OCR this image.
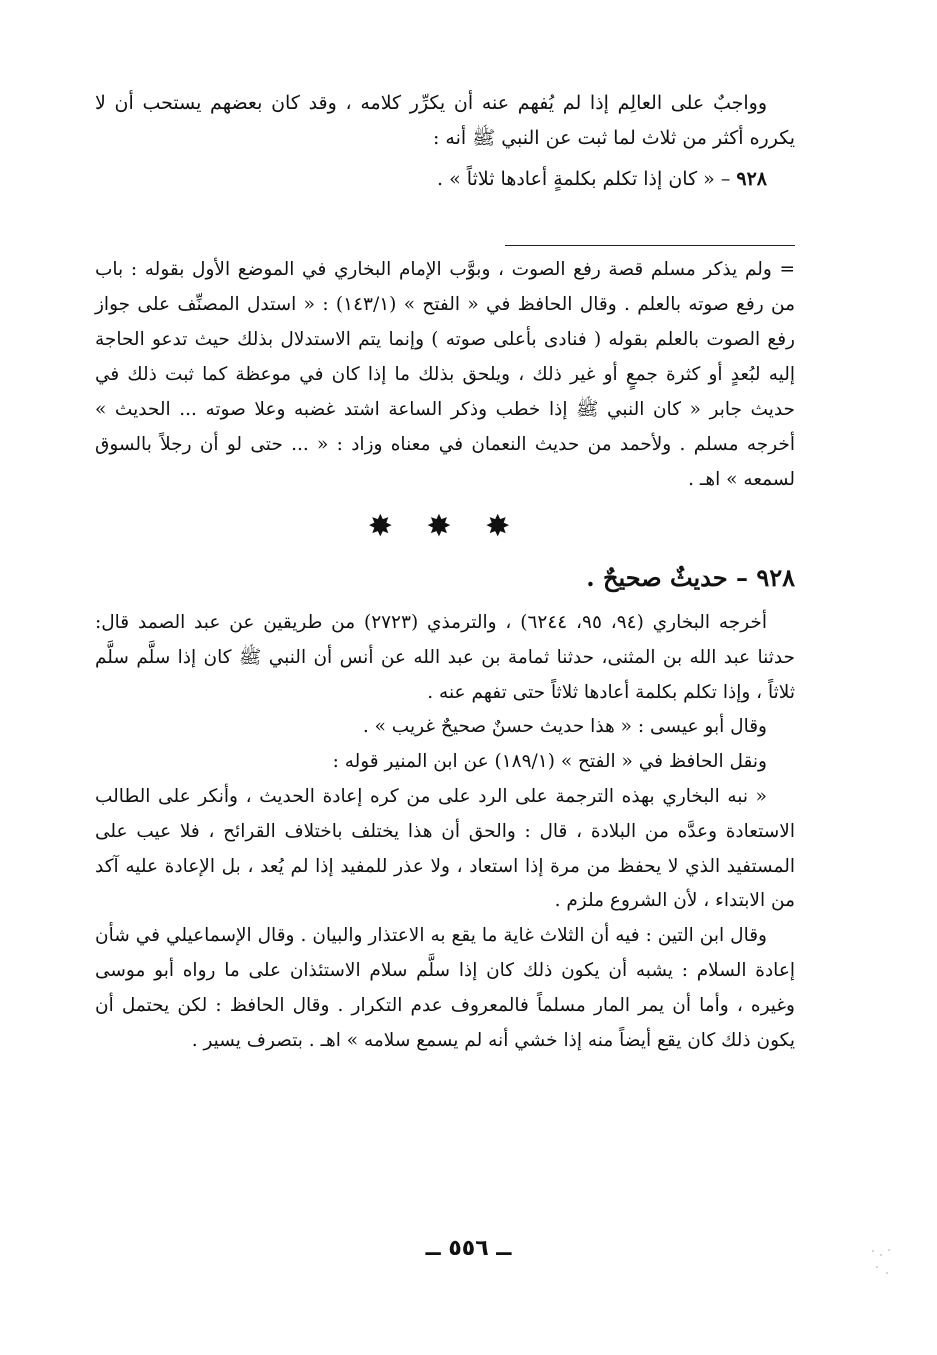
وواجبٌ على العالِم إذا لم يُفهم عنه أن يكرِّر كلامه ، وقد كان بعضهم يستحب أن لا يكرره أكثر من ثلاث لما ثبت عن النبي ﷺ أنه :

٩٢٨ – « كان إذا تكلم بكلمةٍ أعادها ثلاثاً » .

= ولم يذكر مسلم قصة رفع الصوت ، وبوَّب الإمام البخاري في الموضع الأول بقوله : باب من رفع صوته بالعلم . وقال الحافظ في « الفتح » (١٤٣/١) : « استدل المصنِّف على جواز رفع الصوت بالعلم بقوله ( فنادى بأعلى صوته ) وإنما يتم الاستدلال بذلك حيث تدعو الحاجة إليه لبُعدٍ أو كثرة جمعٍ أو غير ذلك ، ويلحق بذلك ما إذا كان في موعظة كما ثبت ذلك في حديث جابر « كان النبي ﷺ إذا خطب وذكر الساعة اشتد غضبه وعلا صوته ... الحديث » أخرجه مسلم . ولأحمد من حديث النعمان في معناه وزاد : « ... حتى لو أن رجلاً بالسوق لسمعه » اهـ .

✸ ✸ ✸
٩٢٨ – حديثٌ صحيحٌ .

أخرجه البخاري (٩٤، ٩٥، ٦٢٤٤) ، والترمذي (٢٧٢٣) من طريقين عن عبد الصمد قال: حدثنا عبد الله بن المثنى، حدثنا ثمامة بن عبد الله عن أنس أن النبي ﷺ كان إذا سلَّم سلَّم ثلاثاً ، وإذا تكلم بكلمة أعادها ثلاثاً حتى تفهم عنه .

وقال أبو عيسى : « هذا حديث حسنٌ صحيحٌ غريب » .

ونقل الحافظ في « الفتح » (١٨٩/١) عن ابن المنير قوله :

« نبه البخاري بهذه الترجمة على الرد على من كره إعادة الحديث ، وأنكر على الطالب الاستعادة وعدَّه من البلادة ، قال : والحق أن هذا يختلف باختلاف القرائح ، فلا عيب على المستفيد الذي لا يحفظ من مرة إذا استعاد ، ولا عذر للمفيد إذا لم يُعد ، بل الإعادة عليه آكد من الابتداء ، لأن الشروع ملزم .

وقال ابن التين : فيه أن الثلاث غاية ما يقع به الاعتذار والبيان . وقال الإسماعيلي في شأن إعادة السلام : يشبه أن يكون ذلك كان إذا سلَّم سلام الاستئذان على ما رواه أبو موسى وغيره ، وأما أن يمر المار مسلماً فالمعروف عدم التكرار . وقال الحافظ : لكن يحتمل أن يكون ذلك كان يقع أيضاً منه إذا خشي أنه لم يسمع سلامه » اهـ . بتصرف يسير .

ــ ٥٥٦ ــ
